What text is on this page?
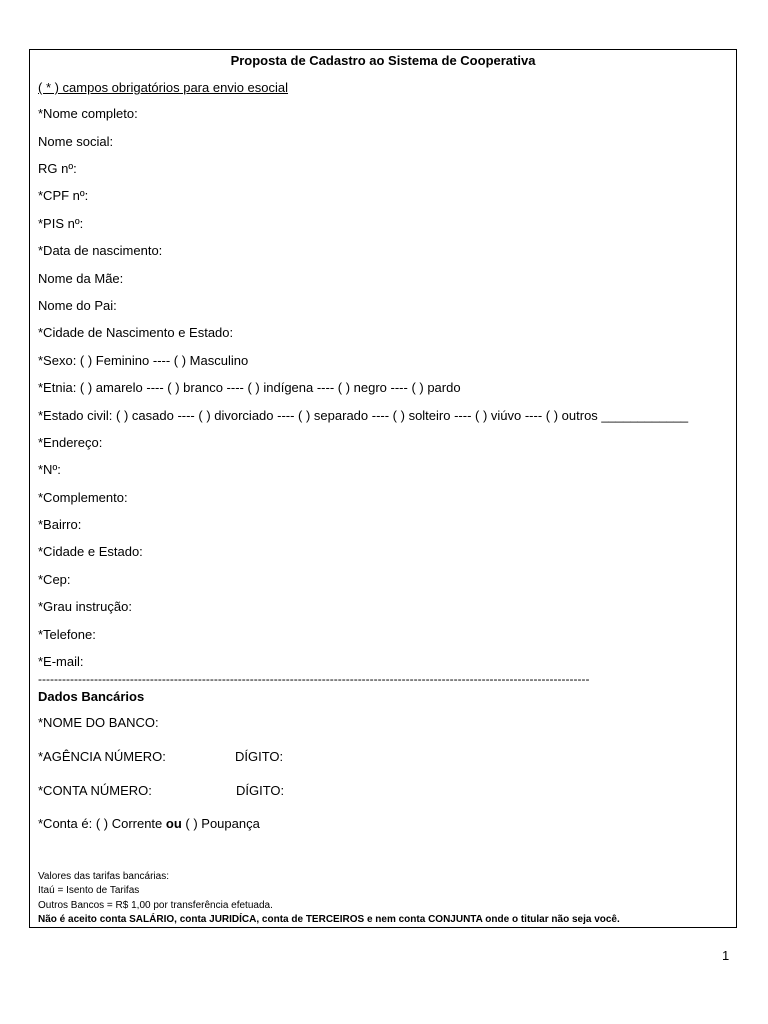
Proposta de Cadastro ao Sistema de Cooperativa
( * ) campos obrigatórios para envio esocial
*Nome completo:
Nome social:
RG nº:
*CPF nº:
*PIS nº:
*Data de nascimento:
Nome da Mãe:
Nome do Pai:
*Cidade de Nascimento e Estado:
*Sexo: ( ) Feminino ---- ( ) Masculino
*Etnia: ( ) amarelo ---- ( ) branco ---- ( ) indígena ---- ( ) negro ---- ( ) pardo
*Estado civil: ( ) casado ---- ( ) divorciado ---- ( ) separado ---- ( ) solteiro ---- ( ) viúvo ---- ( ) outros ____________
*Endereço:
*Nº:
*Complemento:
*Bairro:
*Cidade e Estado:
*Cep:
*Grau instrução:
*Telefone:
*E-mail:
------------------------------------------------------------------------------------------------------------------------------------------
Dados Bancários
*NOME DO BANCO:
*AGÊNCIA NÚMERO:	DÍGITO:
*CONTA NÚMERO:	DÍGITO:
*Conta é: ( ) Corrente ou ( ) Poupança
Valores das tarifas bancárias:
Itaú = Isento de Tarifas
Outros Bancos = R$ 1,00 por transferência efetuada.
Não é aceito conta SALÁRIO, conta JURIDÍCA, conta de TERCEIROS e nem conta CONJUNTA onde o titular não seja você.
1
